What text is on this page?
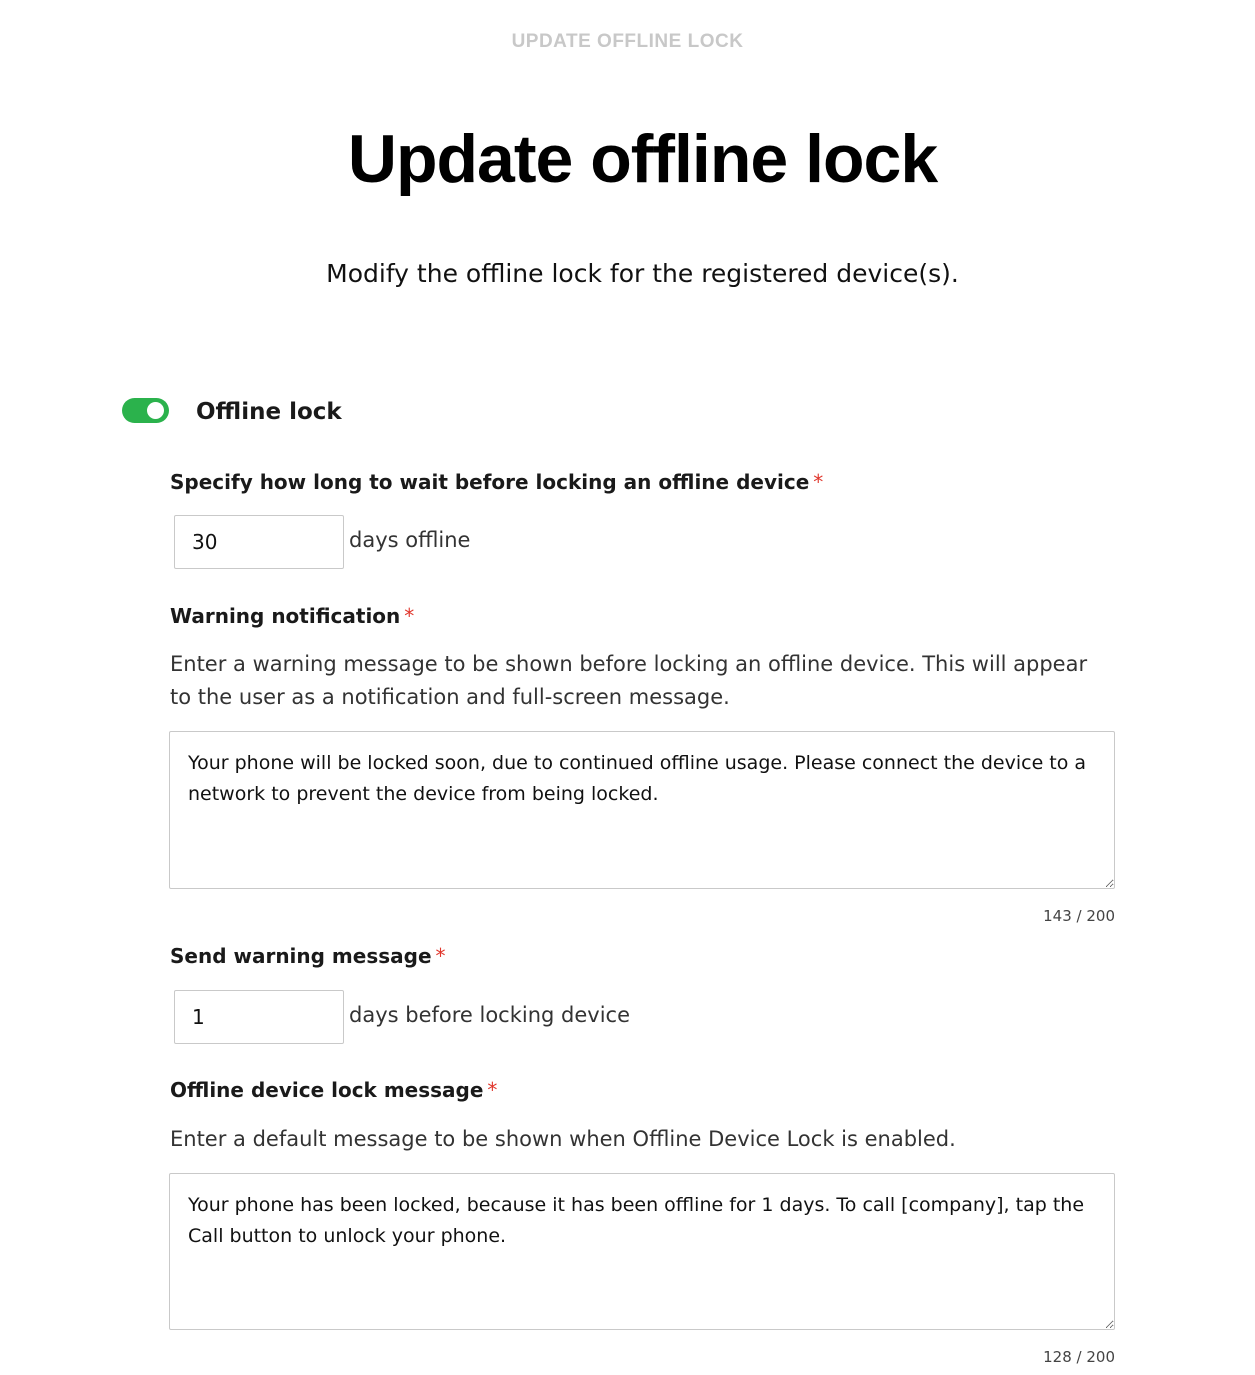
UPDATE OFFLINE LOCK
Update offline lock
Modify the offline lock for the registered device(s).
Offline lock
Specify how long to wait before locking an offline device *
30
days offline
Warning notification *
Enter a warning message to be shown before locking an offline device. This will appear to the user as a notification and full-screen message.
Your phone will be locked soon, due to continued offline usage. Please connect the device to a network to prevent the device from being locked.
143 / 200
Send warning message *
1
days before locking device
Offline device lock message *
Enter a default message to be shown when Offline Device Lock is enabled.
Your phone has been locked, because it has been offline for 1 days. To call [company], tap the Call button to unlock your phone.
128 / 200
